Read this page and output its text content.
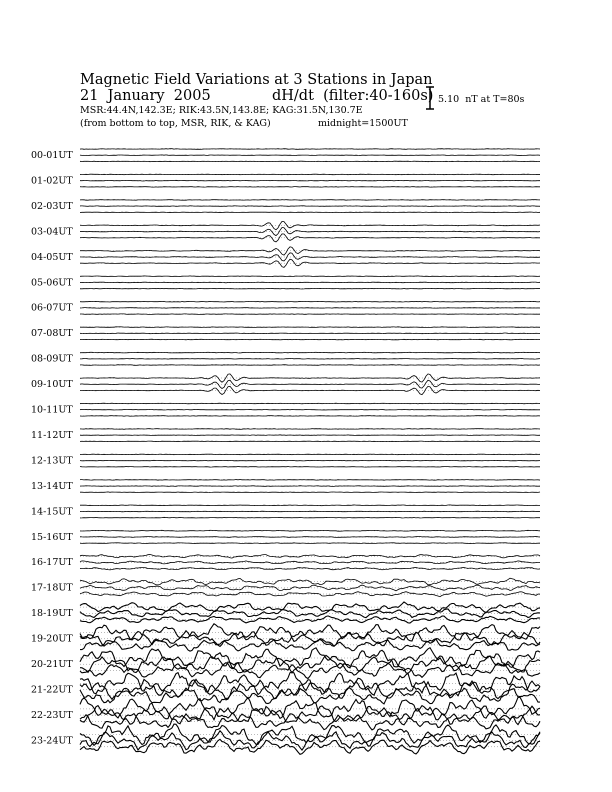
Magnetic Field Variations at 3 Stations in Japan
21  January  2005	dH/dt  (filter:40-160s)
MSR:44.4N,142.3E; RIK:43.5N,143.8E; KAG:31.5N,130.7E
(from bottom to top, MSR, RIK, & KAG)	midnight=1500UT
5.10  nT at T=80s
00-01UT
01-02UT
02-03UT
03-04UT
04-05UT
05-06UT
06-07UT
07-08UT
08-09UT
09-10UT
10-11UT
11-12UT
12-13UT
13-14UT
14-15UT
15-16UT
16-17UT
17-18UT
18-19UT
19-20UT
20-21UT
21-22UT
22-23UT
23-24UT
